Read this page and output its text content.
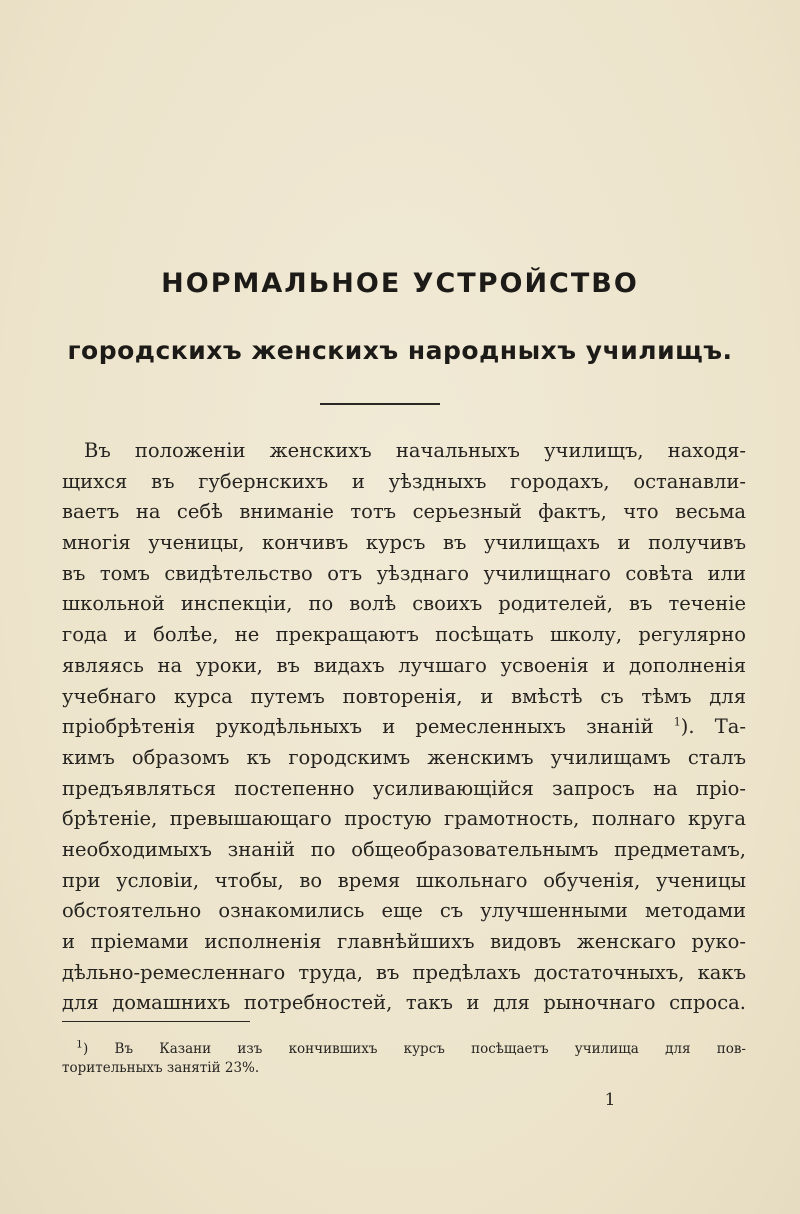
НОРМАЛЬНОЕ УСТРОЙСТВО
городскихъ женскихъ народныхъ училищъ.
Въ положеніи женскихъ начальныхъ училищъ, находя-
щихся въ губернскихъ и уѣздныхъ городахъ, останавли-
ваетъ на себѣ вниманіе тотъ серьезный фактъ, что весьма
многія ученицы, кончивъ курсъ въ училищахъ и получивъ
въ томъ свидѣтельство отъ уѣзднаго училищнаго совѣта или
школьной инспекціи, по волѣ своихъ родителей, въ теченіе
года и болѣе, не прекращаютъ посѣщать школу, регулярно
являясь на уроки, въ видахъ лучшаго усвоенія и дополненія
учебнаго курса путемъ повторенія, и вмѣстѣ съ тѣмъ для
пріобрѣтенія рукодѣльныхъ и ремесленныхъ знаній $^1$). Та-
кимъ образомъ къ городскимъ женскимъ училищамъ сталъ
предъявляться постепенно усиливающійся запросъ на пріо-
брѣтеніе, превышающаго простую грамотность, полнаго круга
необходимыхъ знаній по общеобразовательнымъ предметамъ,
при условіи, чтобы, во время школьнаго обученія, ученицы
обстоятельно ознакомились еще съ улучшенными методами
и пріемами исполненія главнѣйшихъ видовъ женскаго руко-
дѣльно-ремесленнаго труда, въ предѣлахъ достаточныхъ, какъ
для домашнихъ потребностей, такъ и для рыночнаго спроса.
$^1$) Въ Казани изъ кончившихъ курсъ посѣщаетъ училища для пов-
торительныхъ занятій 23%.
1
